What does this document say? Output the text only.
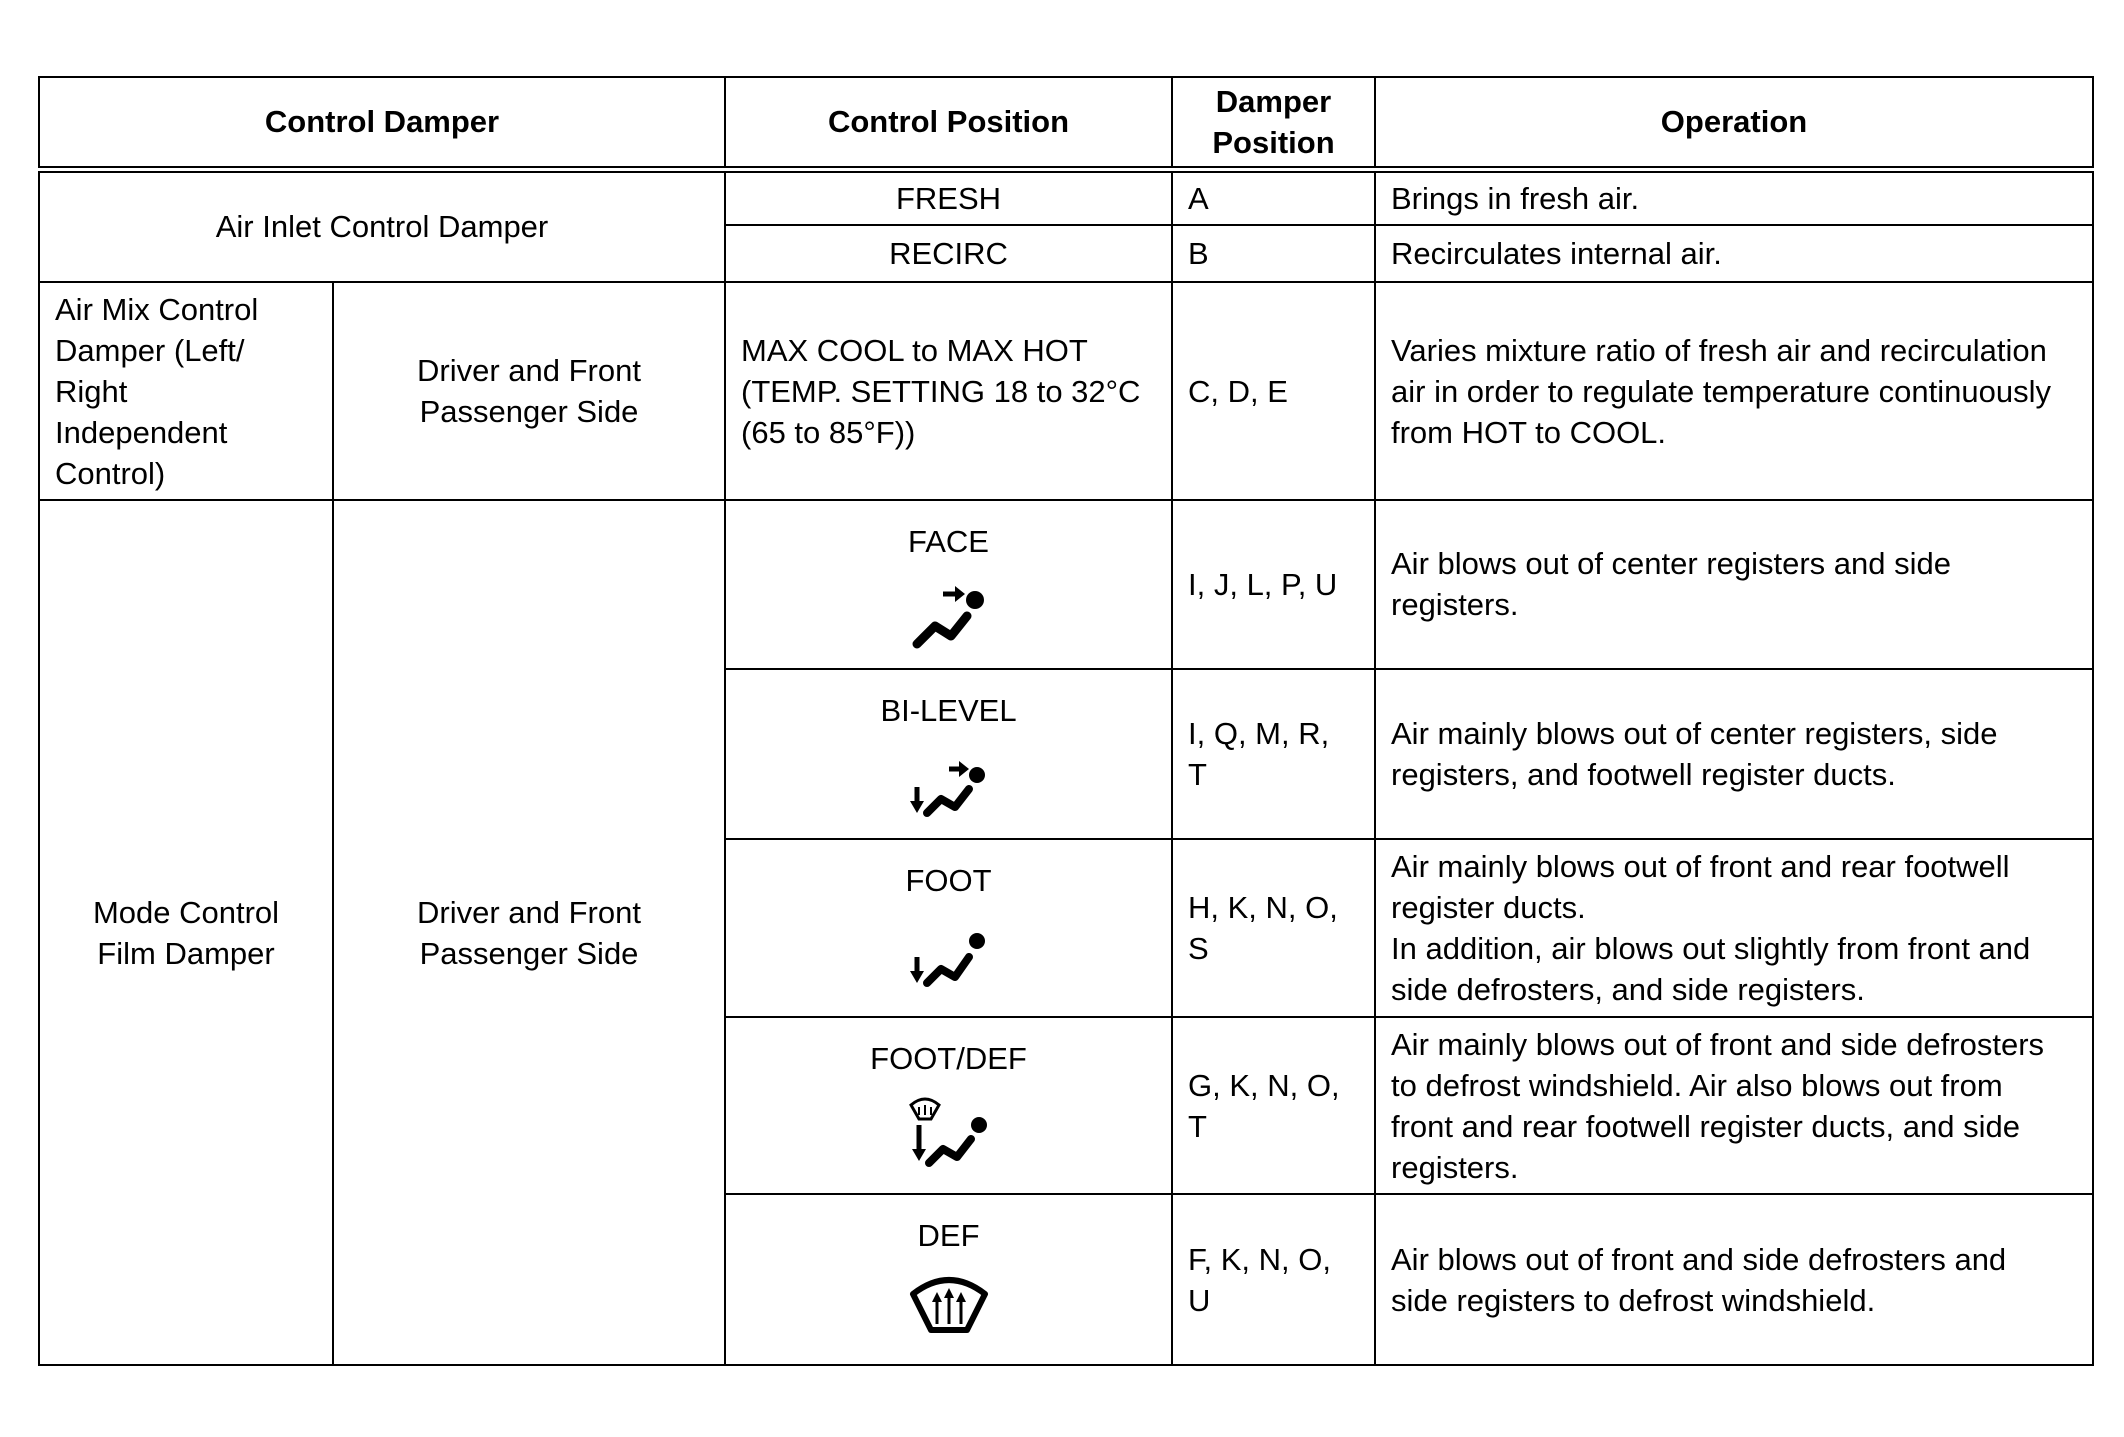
Control Damper		Control Position	Damper
Position	Operation
Air Inlet Control Damper		FRESH	A	Brings in fresh air.
		RECIRC	B	Recirculates internal air.

Air Mix Control
Damper (Left/
Right
Independent
Control)	Driver and Front
Passenger Side	MAX COOL to MAX HOT
(TEMP. SETTING 18 to 32°C
(65 to 85°F))	C, D, E	Varies mixture ratio of fresh air and recirculation
air in order to regulate temperature continuously
from HOT to COOL.

Mode Control
Film Damper	Driver and Front
Passenger Side	FACE	I, J, L, P, U	Air blows out of center registers and side
registers.

		BI-LEVEL	I, Q, M, R,
T	Air mainly blows out of center registers, side
registers, and footwell register ducts.

		FOOT	H, K, N, O,
S	Air mainly blows out of front and rear footwell
register ducts.
In addition, air blows out slightly from front and
side defrosters, and side registers.

		FOOT/DEF	G, K, N, O,
T	Air mainly blows out of front and side defrosters
to defrost windshield. Air also blows out from
front and rear footwell register ducts, and side
registers.

		DEF	F, K, N, O,
U	Air blows out of front and side defrosters and
side registers to defrost windshield.
